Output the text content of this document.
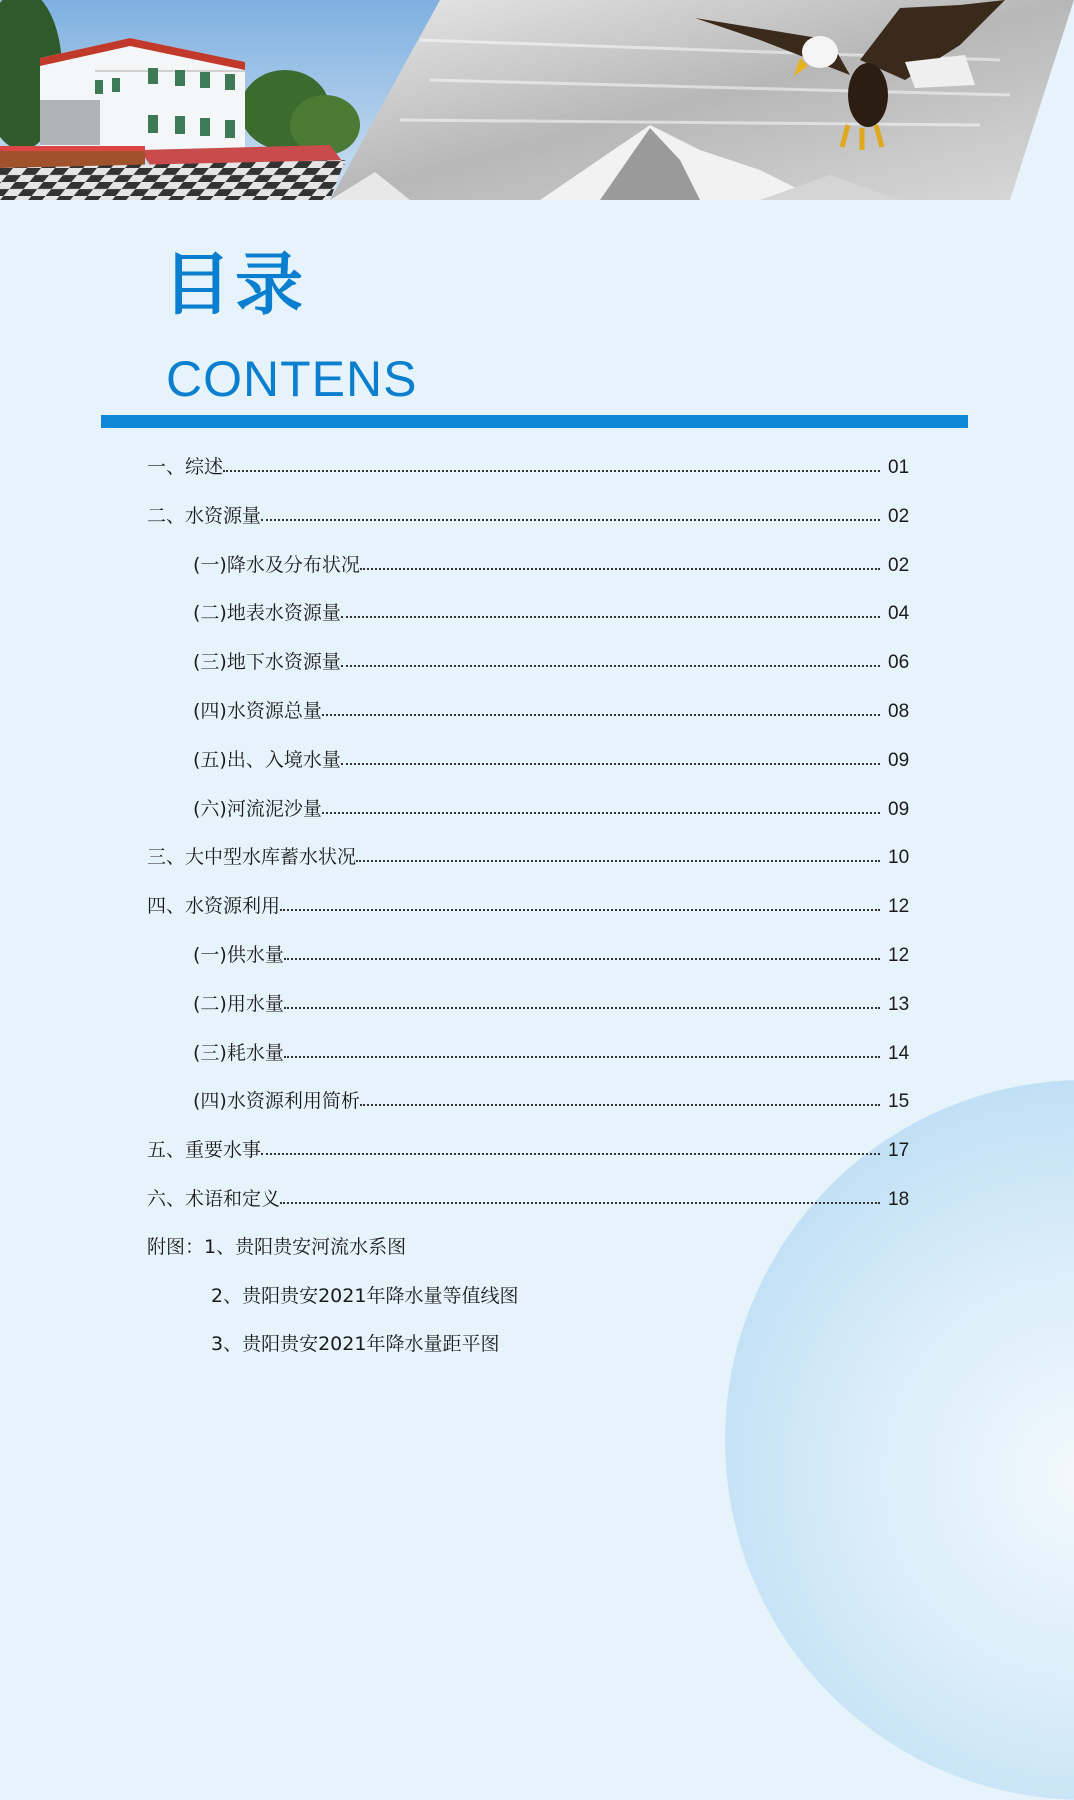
目录
CONTENS
一、综述	01
二、水资源量	02
(一)降水及分布状况	02
(二)地表水资源量	04
(三)地下水资源量	06
(四)水资源总量	08
(五)出、入境水量	09
(六)河流泥沙量	09
三、大中型水库蓄水状况	10
四、水资源利用	12
(一)供水量	12
(二)用水量	13
(三)耗水量	14
(四)水资源利用简析	15
五、重要水事	17
六、术语和定义	18
附图：1、贵阳贵安河流水系图
2、贵阳贵安2021年降水量等值线图
3、贵阳贵安2021年降水量距平图
